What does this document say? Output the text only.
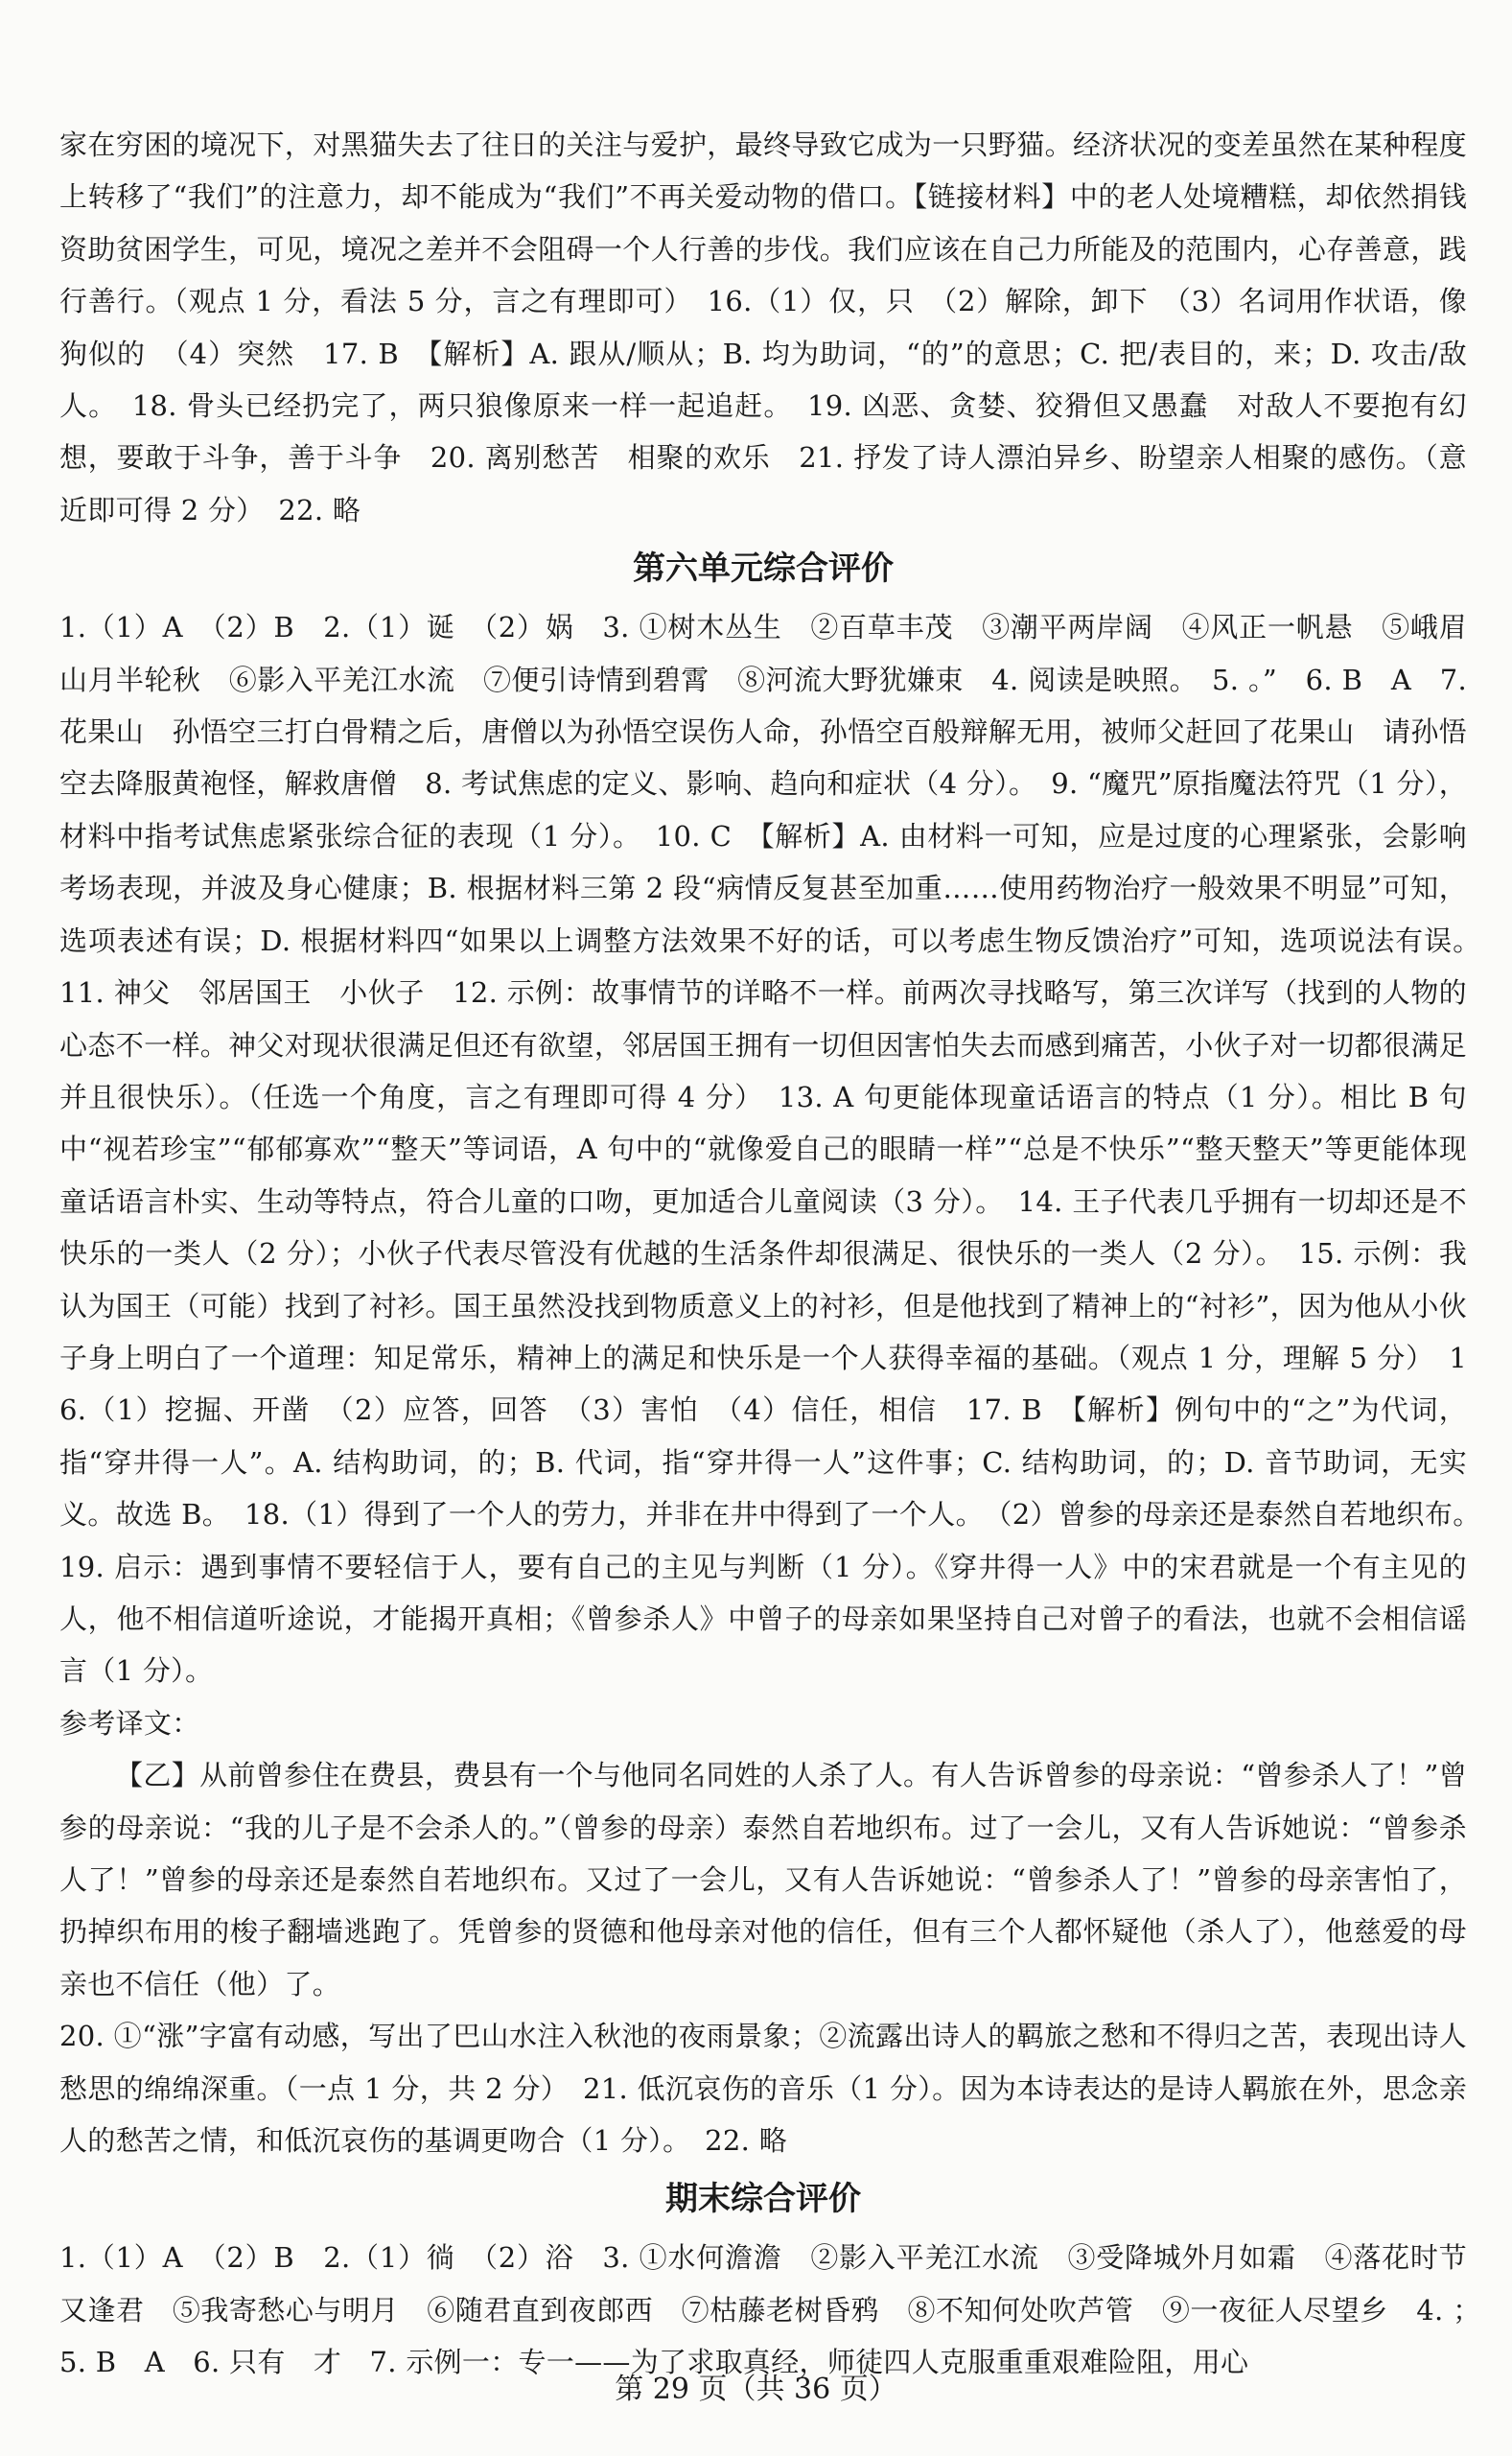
家在穷困的境况下，对黑猫失去了往日的关注与爱护，最终导致它成为一只野猫。经济状况的变差虽然在某种程度上转移了“我们”的注意力，却不能成为“我们”不再关爱动物的借口。【链接材料】中的老人处境糟糕，却依然捐钱资助贫困学生，可见，境况之差并不会阻碍一个人行善的步伐。我们应该在自己力所能及的范围内，心存善意，践行善行。（观点 1 分，看法 5 分，言之有理即可）　16.（1）仅，只　（2）解除，卸下　（3）名词用作状语，像狗似的　（4）突然　17. B　【解析】A. 跟从/顺从；B. 均为助词，“的”的意思；C. 把/表目的，来；D. 攻击/敌人。　18. 骨头已经扔完了，两只狼像原来一样一起追赶。　19. 凶恶、贪婪、狡猾但又愚蠢　对敌人不要抱有幻想，要敢于斗争，善于斗争　20. 离别愁苦　相聚的欢乐　21. 抒发了诗人漂泊异乡、盼望亲人相聚的感伤。（意近即可得 2 分）　22. 略

第六单元综合评价

1.（1）A　（2）B　2.（1）诞　（2）娲　3. ①树木丛生　②百草丰茂　③潮平两岸阔　④风正一帆悬　⑤峨眉山月半轮秋　⑥影入平羌江水流　⑦便引诗情到碧霄　⑧河流大野犹嫌束　4. 阅读是映照。　5. 。”　6. B　A　7. 花果山　孙悟空三打白骨精之后，唐僧以为孙悟空误伤人命，孙悟空百般辩解无用，被师父赶回了花果山　请孙悟空去降服黄袍怪，解救唐僧　8. 考试焦虑的定义、影响、趋向和症状（4 分）。　9. “魔咒”原指魔法符咒（1 分），材料中指考试焦虑紧张综合征的表现（1 分）。　10. C　【解析】A. 由材料一可知，应是过度的心理紧张，会影响考场表现，并波及身心健康；B. 根据材料三第 2 段“病情反复甚至加重……使用药物治疗一般效果不明显”可知，选项表述有误；D. 根据材料四“如果以上调整方法效果不好的话，可以考虑生物反馈治疗”可知，选项说法有误。　11. 神父　邻居国王　小伙子　12. 示例：故事情节的详略不一样。前两次寻找略写，第三次详写（找到的人物的心态不一样。神父对现状很满足但还有欲望，邻居国王拥有一切但因害怕失去而感到痛苦，小伙子对一切都很满足并且很快乐）。（任选一个角度，言之有理即可得 4 分）　13. A 句更能体现童话语言的特点（1 分）。相比 B 句中“视若珍宝”“郁郁寡欢”“整天”等词语，A 句中的“就像爱自己的眼睛一样”“总是不快乐”“整天整天”等更能体现童话语言朴实、生动等特点，符合儿童的口吻，更加适合儿童阅读（3 分）。　14. 王子代表几乎拥有一切却还是不快乐的一类人（2 分）；小伙子代表尽管没有优越的生活条件却很满足、很快乐的一类人（2 分）。　15. 示例：我认为国王（可能）找到了衬衫。国王虽然没找到物质意义上的衬衫，但是他找到了精神上的“衬衫”，因为他从小伙子身上明白了一个道理：知足常乐，精神上的满足和快乐是一个人获得幸福的基础。（观点 1 分，理解 5 分）　16.（1）挖掘、开凿　（2）应答，回答　（3）害怕　（4）信任，相信　17. B　【解析】例句中的“之”为代词，指“穿井得一人”。A. 结构助词，的；B. 代词，指“穿井得一人”这件事；C. 结构助词，的；D. 音节助词，无实义。故选 B。　18.（1）得到了一个人的劳力，并非在井中得到了一个人。　（2）曾参的母亲还是泰然自若地织布。　19. 启示：遇到事情不要轻信于人，要有自己的主见与判断（1 分）。《穿井得一人》中的宋君就是一个有主见的人，他不相信道听途说，才能揭开真相；《曾参杀人》中曾子的母亲如果坚持自己对曾子的看法，也就不会相信谣言（1 分）。

参考译文：

【乙】从前曾参住在费县，费县有一个与他同名同姓的人杀了人。有人告诉曾参的母亲说：“曾参杀人了！”曾参的母亲说：“我的儿子是不会杀人的。”（曾参的母亲）泰然自若地织布。过了一会儿，又有人告诉她说：“曾参杀人了！”曾参的母亲还是泰然自若地织布。又过了一会儿，又有人告诉她说：“曾参杀人了！”曾参的母亲害怕了，扔掉织布用的梭子翻墙逃跑了。凭曾参的贤德和他母亲对他的信任，但有三个人都怀疑他（杀人了），他慈爱的母亲也不信任（他）了。

20. ①“涨”字富有动感，写出了巴山水注入秋池的夜雨景象；②流露出诗人的羁旅之愁和不得归之苦，表现出诗人愁思的绵绵深重。（一点 1 分，共 2 分）　21. 低沉哀伤的音乐（1 分）。因为本诗表达的是诗人羁旅在外，思念亲人的愁苦之情，和低沉哀伤的基调更吻合（1 分）。　22. 略

期末综合评价

1.（1）A　（2）B　2.（1）徜　（2）浴　3. ①水何澹澹　②影入平羌江水流　③受降城外月如霜　④落花时节又逢君　⑤我寄愁心与明月　⑥随君直到夜郎西　⑦枯藤老树昏鸦　⑧不知何处吹芦管　⑨一夜征人尽望乡　4. ；　5. B　A　6. 只有　才　7. 示例一：专一——为了求取真经，师徒四人克服重重艰难险阻，用心

第 29 页（共 36 页）
